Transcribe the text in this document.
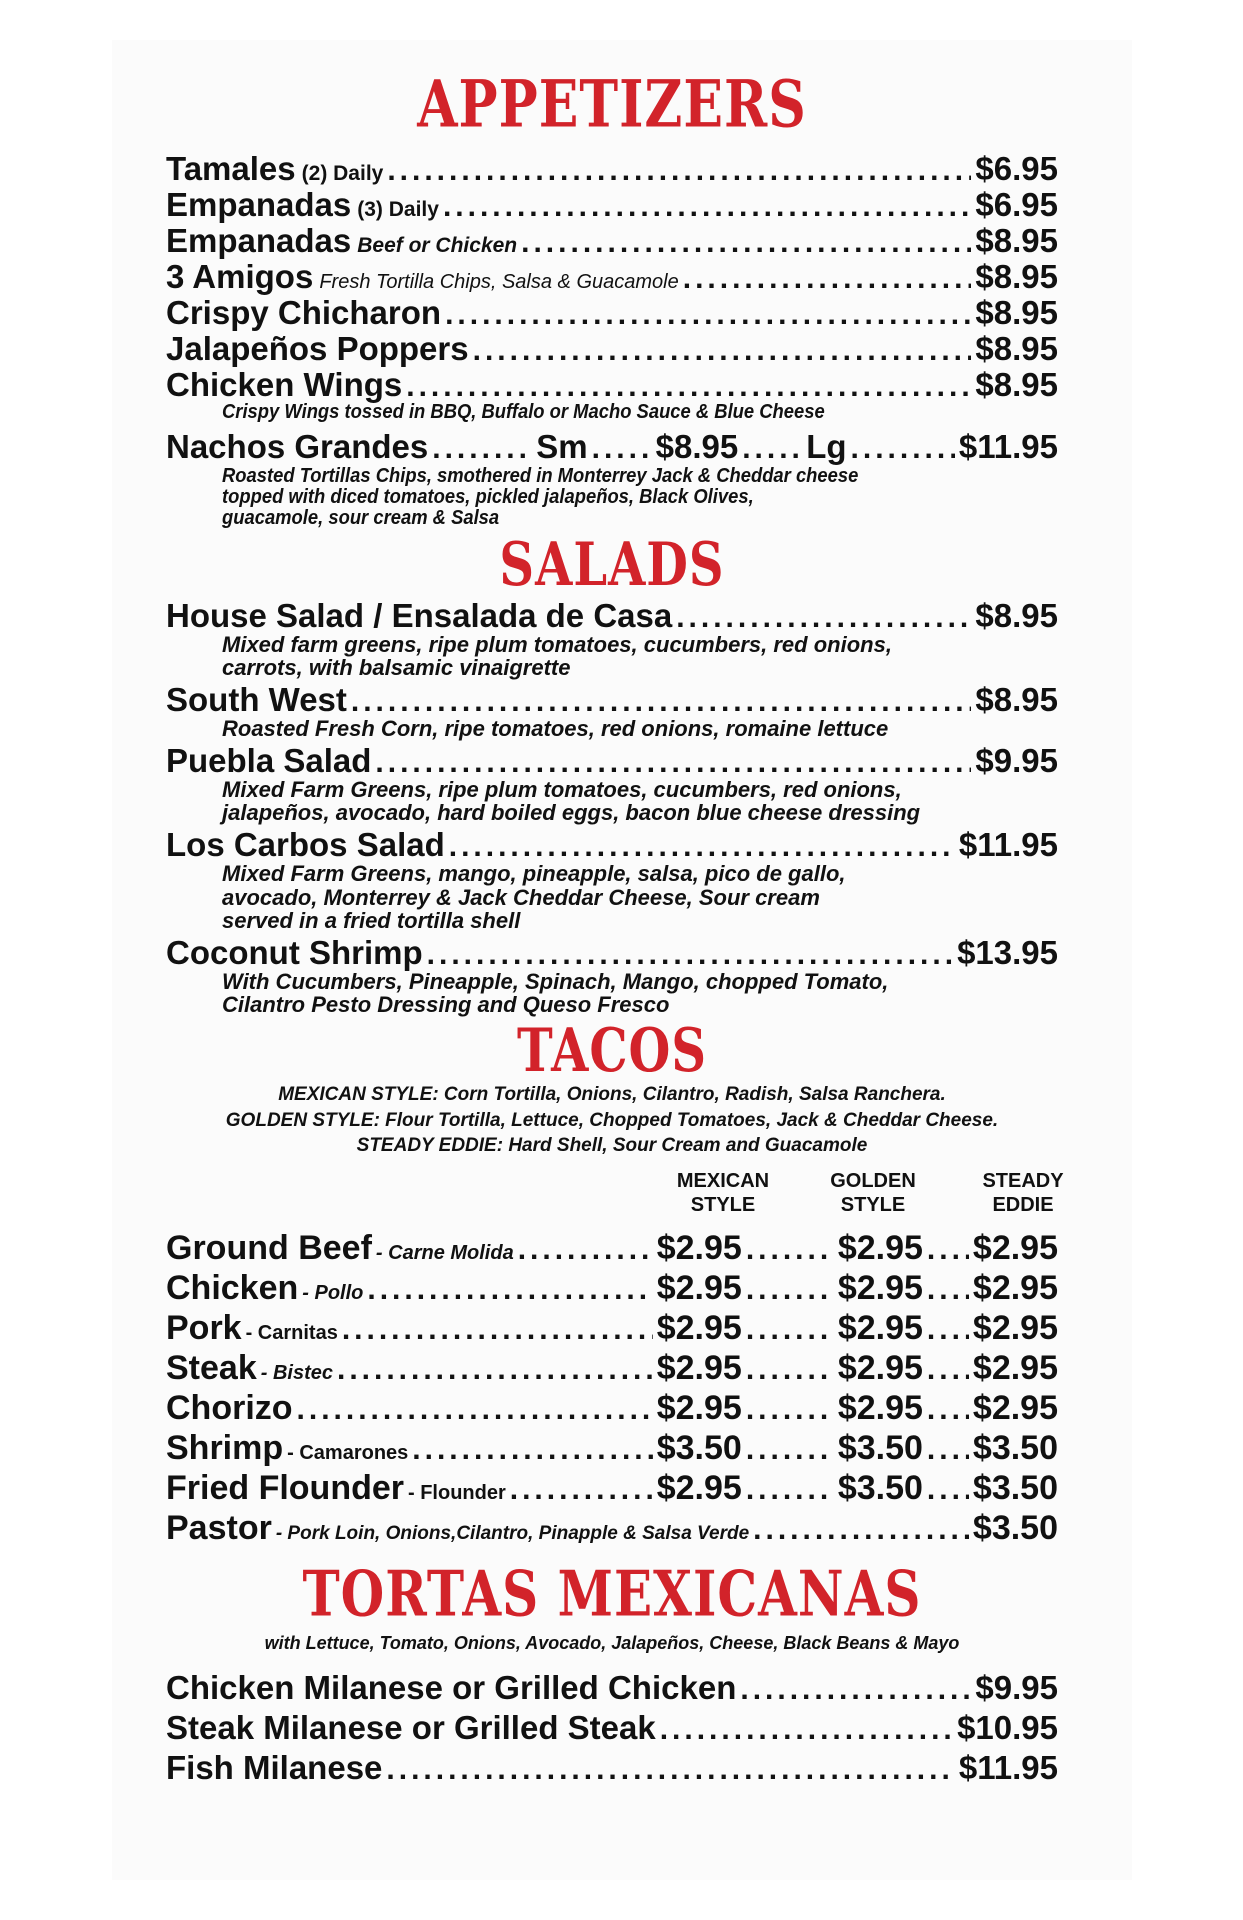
APPETIZERS
Tamales (2) Daily .....	$6.95
Empanadas (3) Daily .....	$6.95
Empanadas Beef or Chicken .....	$8.95
3 Amigos Fresh Tortilla Chips, Salsa & Guacamole .....	$8.95
Crispy Chicharon .....	$8.95
Jalapeños Poppers .....	$8.95
Chicken Wings .....	$8.95
Crispy Wings tossed in BBQ, Buffalo or Macho Sauce & Blue Cheese
Nachos Grandes .....	Sm ..... $8.95 ..... Lg .....	$11.95
Roasted Tortillas Chips, smothered in Monterrey Jack & Cheddar cheese
topped with diced tomatoes, pickled jalapeños, Black Olives,
guacamole, sour cream & Salsa
SALADS
House Salad / Ensalada de Casa .....	$8.95
Mixed farm greens, ripe plum tomatoes, cucumbers, red onions,
carrots, with balsamic vinaigrette
South West .....	$8.95
Roasted Fresh Corn, ripe tomatoes, red onions, romaine lettuce
Puebla Salad .....	$9.95
Mixed Farm Greens, ripe plum tomatoes, cucumbers, red onions,
jalapeños, avocado, hard boiled eggs, bacon blue cheese dressing
Los Carbos Salad .....	$11.95
Mixed Farm Greens, mango, pineapple, salsa, pico de gallo,
avocado, Monterrey & Jack Cheddar Cheese, Sour cream
served in a fried tortilla shell
Coconut Shrimp .....	$13.95
With Cucumbers, Pineapple, Spinach, Mango, chopped Tomato,
Cilantro Pesto Dressing and Queso Fresco
TACOS
MEXICAN STYLE: Corn Tortilla, Onions, Cilantro, Radish, Salsa Ranchera.
GOLDEN STYLE: Flour Tortilla, Lettuce, Chopped Tomatoes, Jack & Cheddar Cheese.
STEADY EDDIE: Hard Shell, Sour Cream and Guacamole
MEXICAN
STYLE
GOLDEN
STYLE
STEADY
EDDIE
Ground Beef - Carne Molida .....	$2.95 .....	$2.95 ..... $2.95
Chicken - Pollo .....	$2.95 .....	$2.95 ..... $2.95
Pork - Carnitas .....	$2.95 .....	$2.95 ..... $2.95
Steak - Bistec .....	$2.95 .....	$2.95 ..... $2.95
Chorizo .....	$2.95 .....	$2.95 ..... $2.95
Shrimp - Camarones .....	$3.50 .....	$3.50 ..... $3.50
Fried Flounder - Flounder .....	$2.95 .....	$3.50 ..... $3.50
Pastor - Pork Loin, Onions,Cilantro, Pinapple & Salsa Verde .....	$3.50
TORTAS MEXICANAS
with Lettuce, Tomato, Onions, Avocado, Jalapeños, Cheese, Black Beans & Mayo
Chicken Milanese or Grilled Chicken .....	$9.95
Steak Milanese or Grilled Steak .....	$10.95
Fish Milanese .....	$11.95
